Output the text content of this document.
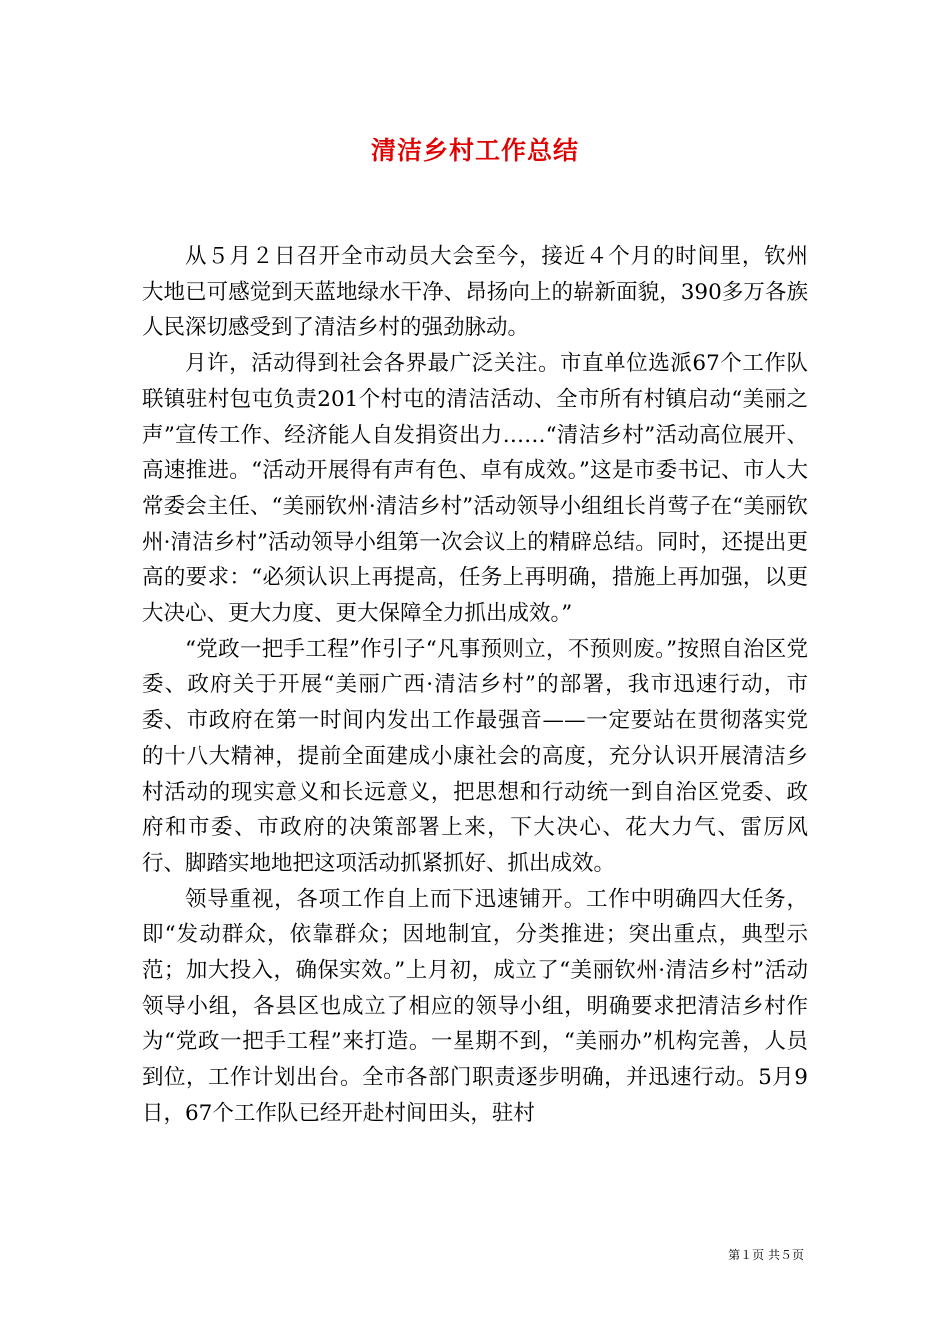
清洁乡村工作总结

从５月２日召开全市动员大会至今，接近４个月的时间里，钦州大地已可感觉到天蓝地绿水干净、昂扬向上的崭新面貌，390多万各族人民深切感受到了清洁乡村的强劲脉动。

月许，活动得到社会各界最广泛关注。市直单位选派67个工作队联镇驻村包屯负责201个村屯的清洁活动、全市所有村镇启动“美丽之声”宣传工作、经济能人自发捐资出力……“清洁乡村”活动高位展开、高速推进。“活动开展得有声有色、卓有成效。”这是市委书记、市人大常委会主任、“美丽钦州·清洁乡村”活动领导小组组长肖莺子在“美丽钦州·清洁乡村”活动领导小组第一次会议上的精辟总结。同时，还提出更高的要求：“必须认识上再提高，任务上再明确，措施上再加强，以更大决心、更大力度、更大保障全力抓出成效。”

“党政一把手工程”作引子“凡事预则立，不预则废。”按照自治区党委、政府关于开展“美丽广西·清洁乡村”的部署，我市迅速行动，市委、市政府在第一时间内发出工作最强音——一定要站在贯彻落实党的十八大精神，提前全面建成小康社会的高度，充分认识开展清洁乡村活动的现实意义和长远意义，把思想和行动统一到自治区党委、政府和市委、市政府的决策部署上来，下大决心、花大力气、雷厉风行、脚踏实地地把这项活动抓紧抓好、抓出成效。

领导重视，各项工作自上而下迅速铺开。工作中明确四大任务，即“发动群众，依靠群众；因地制宜，分类推进；突出重点，典型示范；加大投入，确保实效。”上月初，成立了“美丽钦州·清洁乡村”活动领导小组，各县区也成立了相应的领导小组，明确要求把清洁乡村作为“党政一把手工程”来打造。一星期不到，“美丽办”机构完善，人员到位，工作计划出台。全市各部门职责逐步明确，并迅速行动。5月9日，67个工作队已经开赴村间田头，驻村

第１页 共５页
